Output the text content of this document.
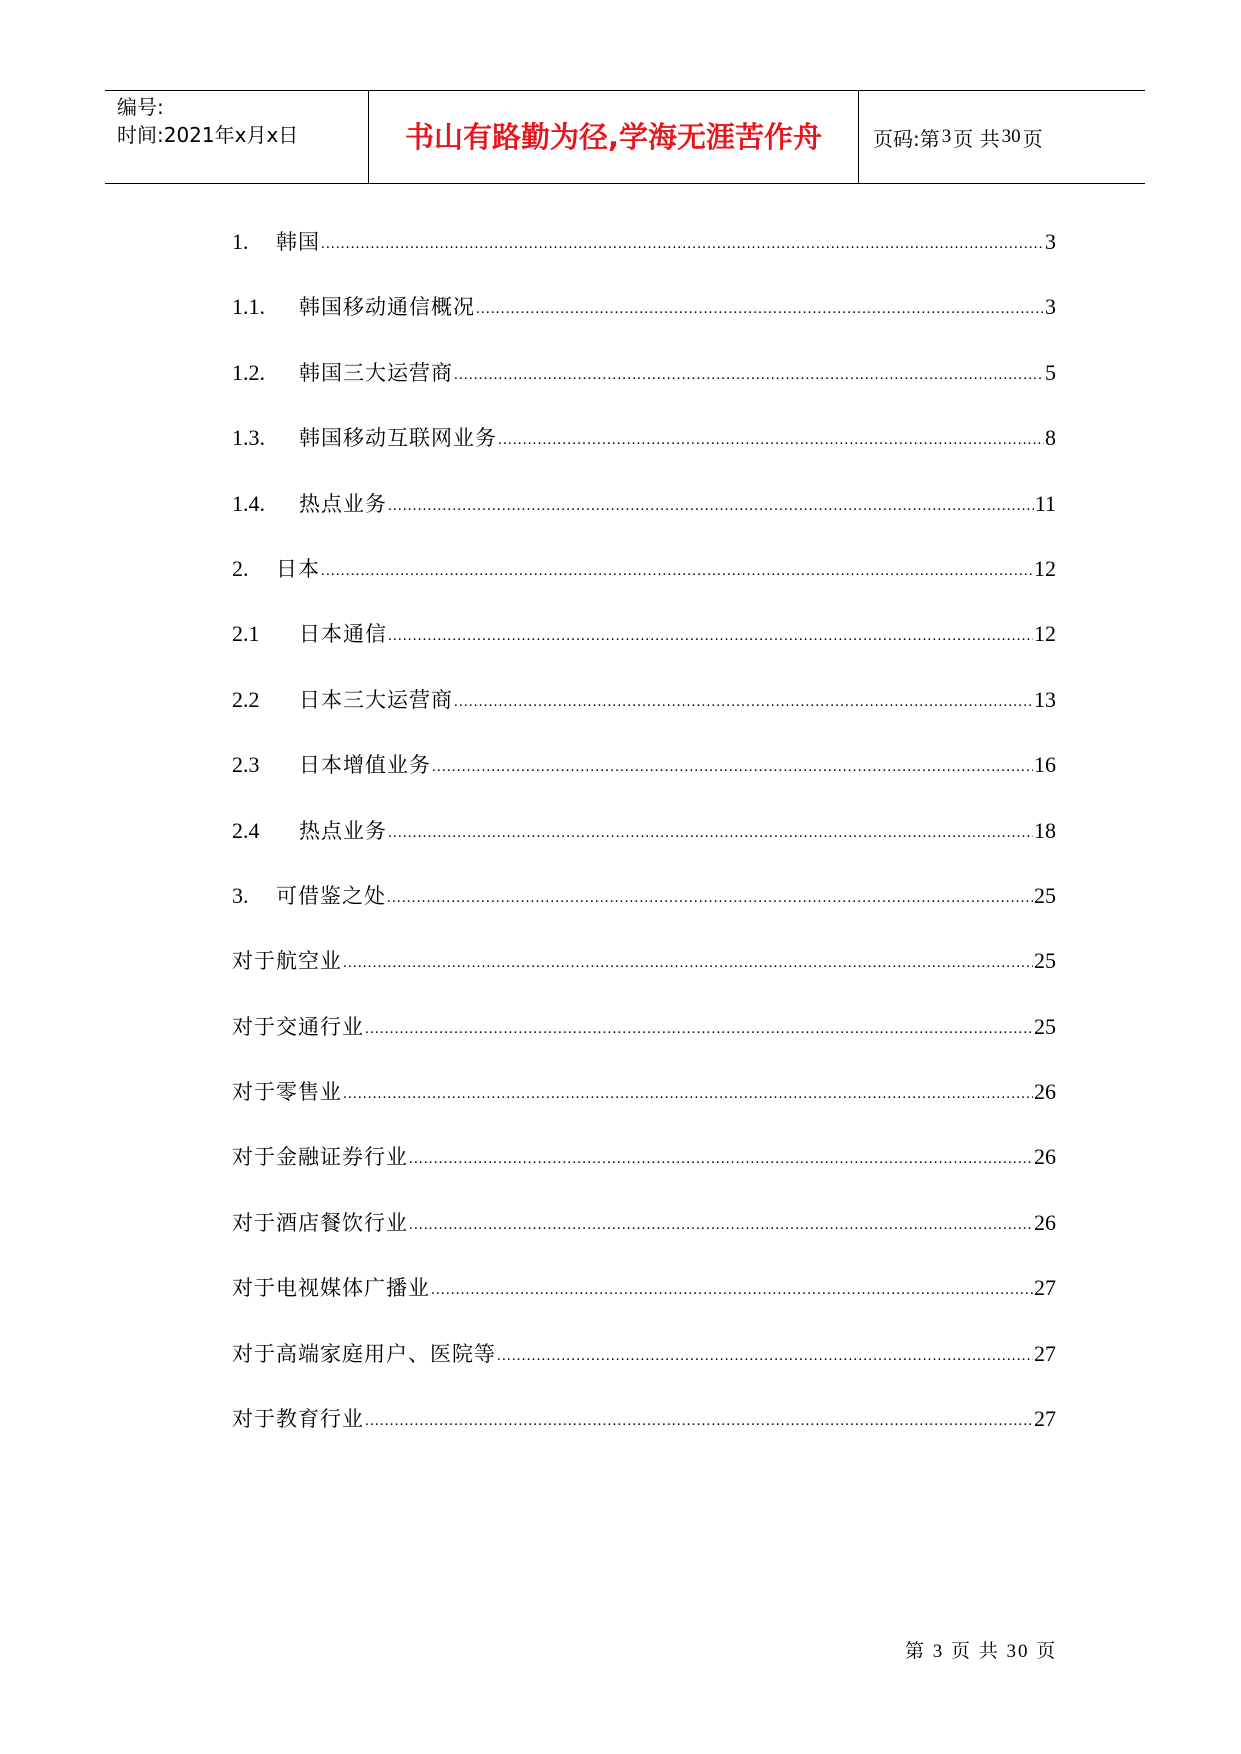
编号:
时间:2021年x月x日	书山有路勤为径,学海无涯苦作舟	页码:第 3 页 共 30 页
1.	韩国 .....	3
1.1.	韩国移动通信概况 .....	3
1.2.	韩国三大运营商 .....	5
1.3.	韩国移动互联网业务 .....	8
1.4.	热点业务 .....	11
2.	日本 .....	12
2.1	日本通信 .....	12
2.2	日本三大运营商 .....	13
2.3	日本增值业务 .....	16
2.4	热点业务 .....	18
3.	可借鉴之处 .....	25
对于航空业 .....	25
对于交通行业 .....	25
对于零售业 .....	26
对于金融证券行业 .....	26
对于酒店餐饮行业 .....	26
对于电视媒体广播业 .....	27
对于高端家庭用户、医院等 .....	27
对于教育行业 .....	27
第 3 页 共 30 页
